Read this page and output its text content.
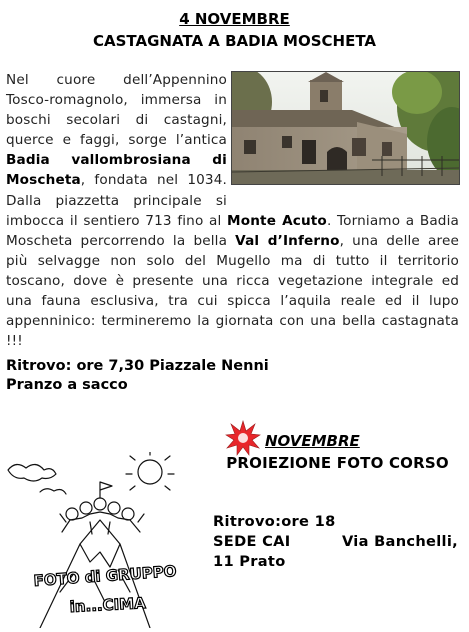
4 NOVEMBRE
CASTAGNATA A BADIA MOSCHETA
Nel cuore dell’Appennino Tosco-romagnolo, immersa in boschi secolari di castagni, querce e faggi, sorge l’antica Badia vallombrosiana di Moscheta, fondata nel 1034. Dalla piazzetta principale si imbocca il sentiero 713 fino al Monte Acuto. Torniamo a Badia Moscheta percorrendo la bella Val d’Inferno, una delle aree più selvagge non solo del Mugello ma di tutto il territorio toscano, dove è presente una ricca vegetazione integrale ed una fauna esclusiva, tra cui spicca l’aquila reale ed il lupo appenninico: termineremo la giornata con una bella castagnata !!!
Ritrovo: ore 7,30 Piazzale Nenni
Pranzo a sacco
NOVEMBRE
PROIEZIONE FOTO CORSO
FOTO di GRUPPO
in...CIMA
Ritrovo:ore 18
SEDE CAI	Via Banchelli,
11 Prato
